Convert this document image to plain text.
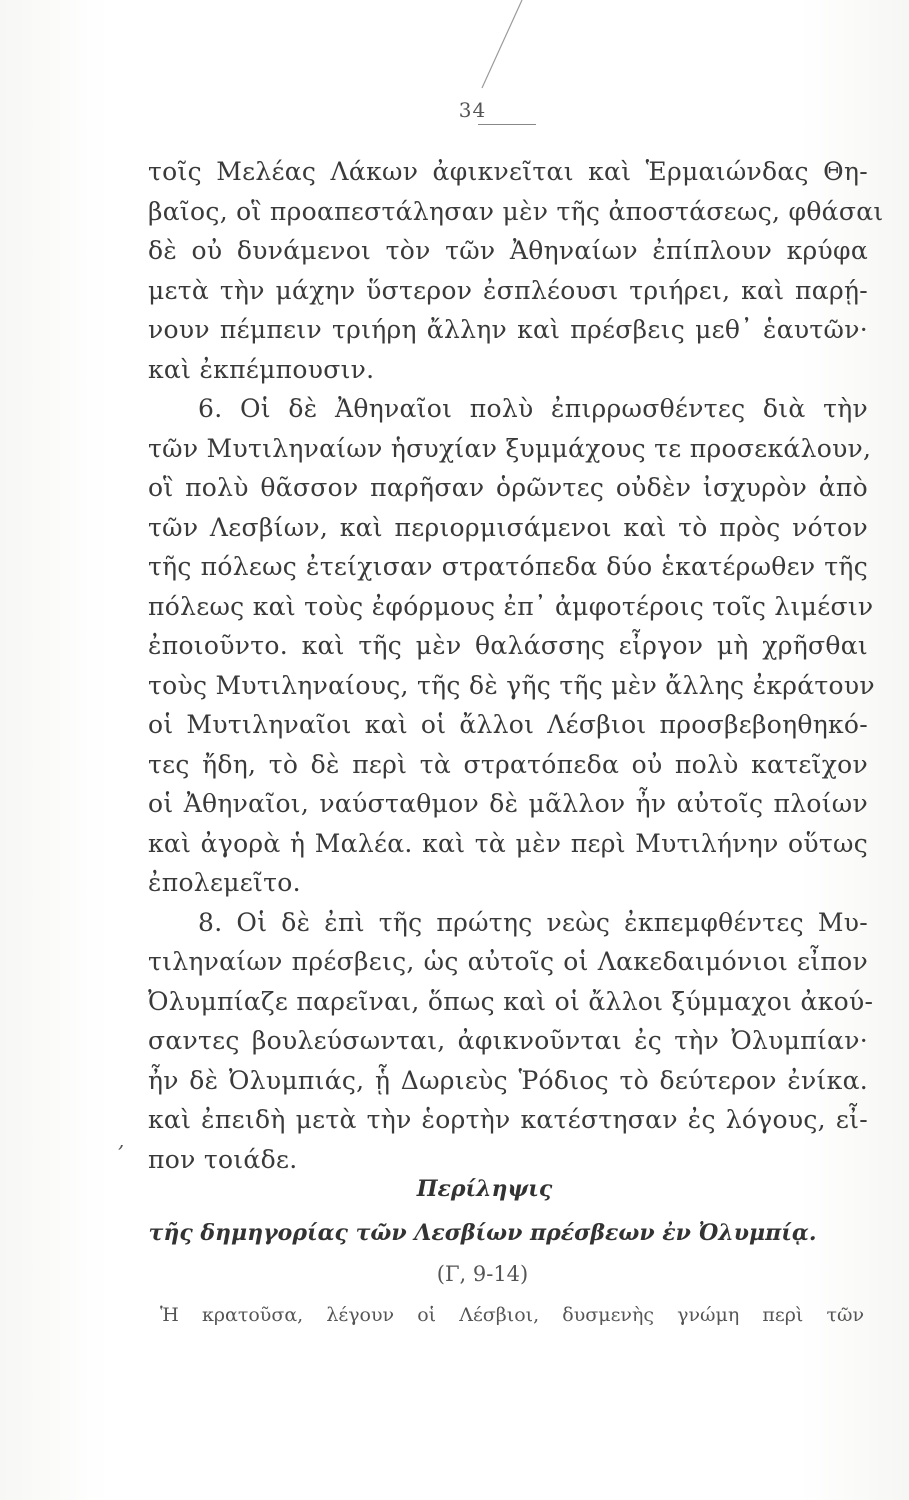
34
τοῖς Μελέας Λάκων ἀφικνεῖται καὶ Ἑρμαιώνδας Θη-
βαῖος, οἳ προαπεστάλησαν μὲν τῆς ἀποστάσεως, φθάσαι
δὲ οὐ δυνάμενοι τὸν τῶν Ἀθηναίων ἐπίπλουν κρύφα
μετὰ τὴν μάχην ὕστερον ἐσπλέουσι τριήρει, καὶ παρῄ-
νουν πέμπειν τριήρη ἄλλην καὶ πρέσβεις μεθ᾽ ἑαυτῶν·
καὶ ἐκπέμπουσιν.
6. Οἱ δὲ Ἀθηναῖοι πολὺ ἐπιρρωσθέντες διὰ τὴν
τῶν Μυτιληναίων ἡσυχίαν ξυμμάχους τε προσεκάλουν,
οἳ πολὺ θᾶσσον παρῆσαν ὁρῶντες οὐδὲν ἰσχυρὸν ἀπὸ
τῶν Λεσβίων, καὶ περιορμισάμενοι καὶ τὸ πρὸς νότον
τῆς πόλεως ἐτείχισαν στρατόπεδα δύο ἑκατέρωθεν τῆς
πόλεως καὶ τοὺς ἐφόρμους ἐπ᾽ ἀμφοτέροις τοῖς λιμέσιν
ἐποιοῦντο. καὶ τῆς μὲν θαλάσσης εἶργον μὴ χρῆσθαι
τοὺς Μυτιληναίους, τῆς δὲ γῆς τῆς μὲν ἄλλης ἐκράτουν
οἱ Μυτιληναῖοι καὶ οἱ ἄλλοι Λέσβιοι προσβεβοηθηκό-
τες ἤδη, τὸ δὲ περὶ τὰ στρατόπεδα οὐ πολὺ κατεῖχον
οἱ Ἀθηναῖοι, ναύσταθμον δὲ μᾶλλον ἦν αὐτοῖς πλοίων
καὶ ἀγορὰ ἡ Μαλέα. καὶ τὰ μὲν περὶ Μυτιλήνην οὕτως
ἐπολεμεῖτο.
8. Οἱ δὲ ἐπὶ τῆς πρώτης νεὼς ἐκπεμφθέντες Μυ-
τιληναίων πρέσβεις, ὡς αὐτοῖς οἱ Λακεδαιμόνιοι εἶπον
Ὀλυμπίαζε παρεῖναι, ὅπως καὶ οἱ ἄλλοι ξύμμαχοι ἀκού-
σαντες βουλεύσωνται, ἀφικνοῦνται ἐς τὴν Ὀλυμπίαν·
ἦν δὲ Ὀλυμπιάς, ᾗ Δωριεὺς Ῥόδιος τὸ δεύτερον ἐνίκα.
καὶ ἐπειδὴ μετὰ τὴν ἑορτὴν κατέστησαν ἐς λόγους, εἶ-
πον τοιάδε.
,
Περίληψις
τῆς δημηγορίας τῶν Λεσβίων πρέσβεων ἐν Ὀλυμπίᾳ.
(Γ, 9-14)
Ἡ κρατοῦσα, λέγουν οἱ Λέσβιοι, δυσμενὴς γνώμη περὶ τῶν
